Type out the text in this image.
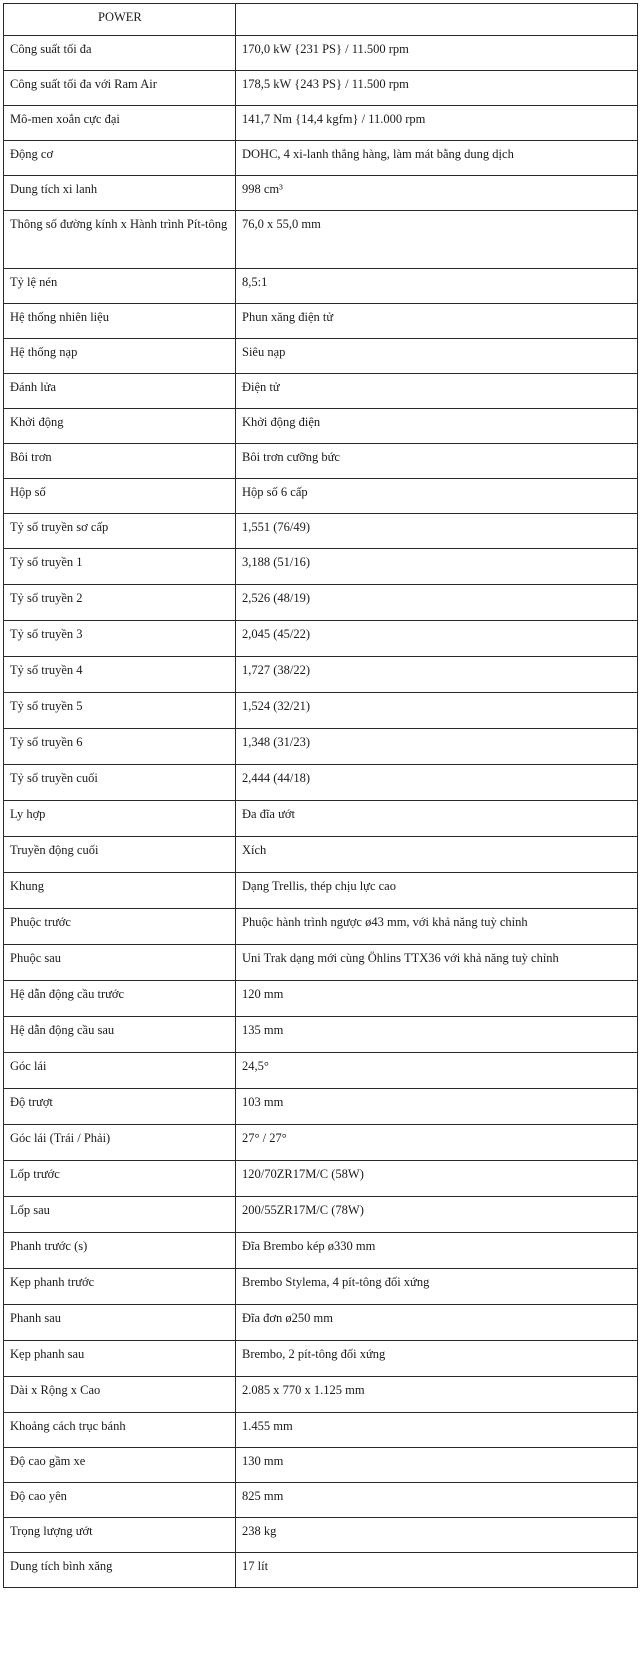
POWER	
Công suất tối đa	170,0 kW {231 PS} / 11.500 rpm
Công suất tối đa với Ram Air	178,5 kW {243 PS} / 11.500 rpm
Mô-men xoắn cực đại	141,7 Nm {14,4 kgfm} / 11.000 rpm
Động cơ	DOHC, 4 xi-lanh thẳng hàng, làm mát bằng dung dịch
Dung tích xi lanh	998 cm³
Thông số đường kính x Hành trình Pít-tông	76,0 x 55,0 mm
Tỷ lệ nén	8,5:1
Hệ thống nhiên liệu	Phun xăng điện tử
Hệ thống nạp	Siêu nạp
Đánh lửa	Điện tử
Khởi động	Khởi động điện
Bôi trơn	Bôi trơn cưỡng bức
Hộp số	Hộp số 6 cấp
Tỷ số truyền sơ cấp	1,551 (76/49)
Tỷ số truyền 1	3,188 (51/16)
Tỷ số truyền 2	2,526 (48/19)
Tỷ số truyền 3	2,045 (45/22)
Tỷ số truyền 4	1,727 (38/22)
Tỷ số truyền 5	1,524 (32/21)
Tỷ số truyền 6	1,348 (31/23)
Tỷ số truyền cuối	2,444 (44/18)
Ly hợp	Đa đĩa ướt
Truyền động cuối	Xích
Khung	Dạng Trellis, thép chịu lực cao
Phuộc trước	Phuộc hành trình ngược ø43 mm, với khả năng tuỳ chỉnh
Phuộc sau	Uni Trak dạng mới cùng Öhlins TTX36 với khả năng tuỳ chỉnh
Hệ dẫn động cầu trước	120 mm
Hệ dẫn động cầu sau	135 mm
Góc lái	24,5°
Độ trượt	103 mm
Góc lái (Trái / Phải)	27° / 27°
Lốp trước	120/70ZR17M/C (58W)
Lốp sau	200/55ZR17M/C (78W)
Phanh trước (s)	Đĩa Brembo kép ø330 mm
Kẹp phanh trước	Brembo Stylema, 4 pít-tông đối xứng
Phanh sau	Đĩa đơn ø250 mm
Kẹp phanh sau	Brembo, 2 pít-tông đối xứng
Dài x Rộng x Cao	2.085 x 770 x 1.125 mm
Khoảng cách trục bánh	1.455 mm
Độ cao gầm xe	130 mm
Độ cao yên	825 mm
Trọng lượng ướt	238 kg
Dung tích bình xăng	17 lít
